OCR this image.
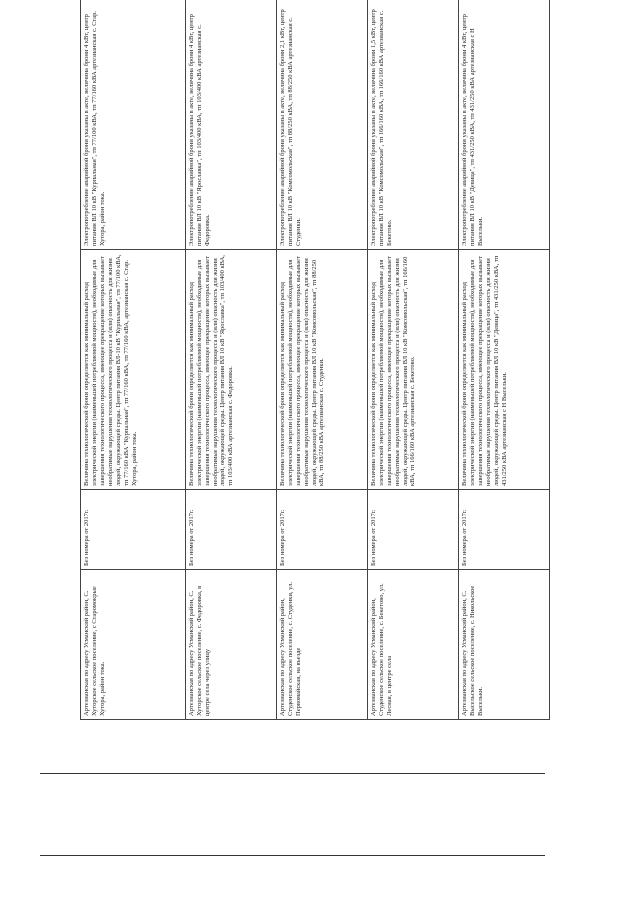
Артезианская по адресу Усманский район, С. Хуторское сельское поселение, с Старомокрые Хутора, район тока.	Без номера от 2017г.	Величина технологической брони определяется как минимальный расход электрической энергии (наименьшей потребляемой мощности), необходимые для завершения технологического процесса, имеющее прекращение которых вызывает необратимые нарушения технологического процесса и (или) опасность для жизни людей, окружающей среды. Центр питания ВЛ-10 кВ "Курпальная", тп 77/100 кВА, тп 77/160 кВА "Курпальная", тп 77/160 кВА, тп 77/160 кВА, артезианская с. Стар. Хутора, район тока.	Электропотребление аварийной брони указаны в акте, величина брони 4 кВт, центр питания ВЛ 10 кВ "Курпальная", тп 77/100 кВА, тп 77/160 кВА артезианская с. Стар. Хутора, район тока.

Артезианская по адресу Усманский район, С. Хуторское сельское поселение, с. Федоровка, в центре села через улицу	Без номера от 2017г.	Величина технологической брони определяется как минимальный расход электрической энергии (наименьшей потребляемой мощности), необходимые для завершения технологического процесса, имеющее прекращение которых вызывает необратимые нарушения технологического процесса и (или) опасность для жизни людей, окружающей среды. Центр питания ВЛ 10 кВ "Ярославка", тп 103/400 кВА, тп 103/400 кВА артезианская с. Федоровка.	Электропотребление аварийной брони указаны в акте, величина брони 4 кВт, центр питания ВЛ 10 кВ "Ярославка", тп 103/400 кВА, тп 103/400 кВА артезианская с. Федоровка.

Артезианская по адресу Усманский район, Студенское сельское поселение, с. Студенки, ул. Первомайская, на въезде	Без номера от 2017г.	Величина технологической брони определяется как минимальный расход электрической энергии (наименьшей потребляемой мощности), необходимые для завершения технологического процесса, имеющее прекращение которых вызывает необратимые нарушения технологического процесса и (или) опасность для жизни людей, окружающей среды. Центр питания ВЛ 10 кВ "Комсомольская", тп 88/250 кВА, тп 88/250 кВА артезианская с. Студенки.	Электропотребление аварийной брони указаны в акте, величина брони 2,1 кВт, центр питания ВЛ 10 кВ "Комсомольская", тп 88/250 кВА, тп 88/250 кВА артезианская с. Студенки.

Артезианская по адресу Усманский район, Студенское сельское поселение, с. Бекетово, ул. Лесная, в центре села	Без номера от 2017г.	Величина технологической брони определяется как минимальный расход электрической энергии (наименьшей потребляемой мощности), необходимые для завершения технологического процесса, имеющее прекращение которых вызывает необратимые нарушения технологического процесса и (или) опасность для жизни людей, окружающей среды. Центр питания ВЛ 10 кВ "Комсомольская", тп 166/160 кВА, тп 166/160 кВА артезианская с. Бекетово.	Электропотребление аварийной брони указаны в акте, величина брони 1,5 кВт, центр питания ВЛ 10 кВ "Комсомольская", тп 166/160 кВА, тп 166/160 кВА артезианская с. Бекетово.

Артезианская по адресу Усманский район, С. Высельское сельское поселение, с. Никольское Высельки.	Без номера от 2017г.	Величина технологической брони определяется как минимальный расход электрической энергии (наименьшей потребляемой мощности), необходимые для завершения технологического процесса, имеющее прекращение которых вызывает необратимые нарушения технологического процесса и (или) опасность для жизни людей, окружающей среды. Центр питания ВЛ 10 кВ "Девица", тп 431/250 кВА, тп 431/250 кВА артезианская с Н Высельки.	Электропотребление аварийной брони указаны в акте, величина брони 4 кВт, центр питания ВЛ 10 кВ "Девица", тп 431/250 кВА, тп 431/250 кВА артезианская с Н Высельки.
